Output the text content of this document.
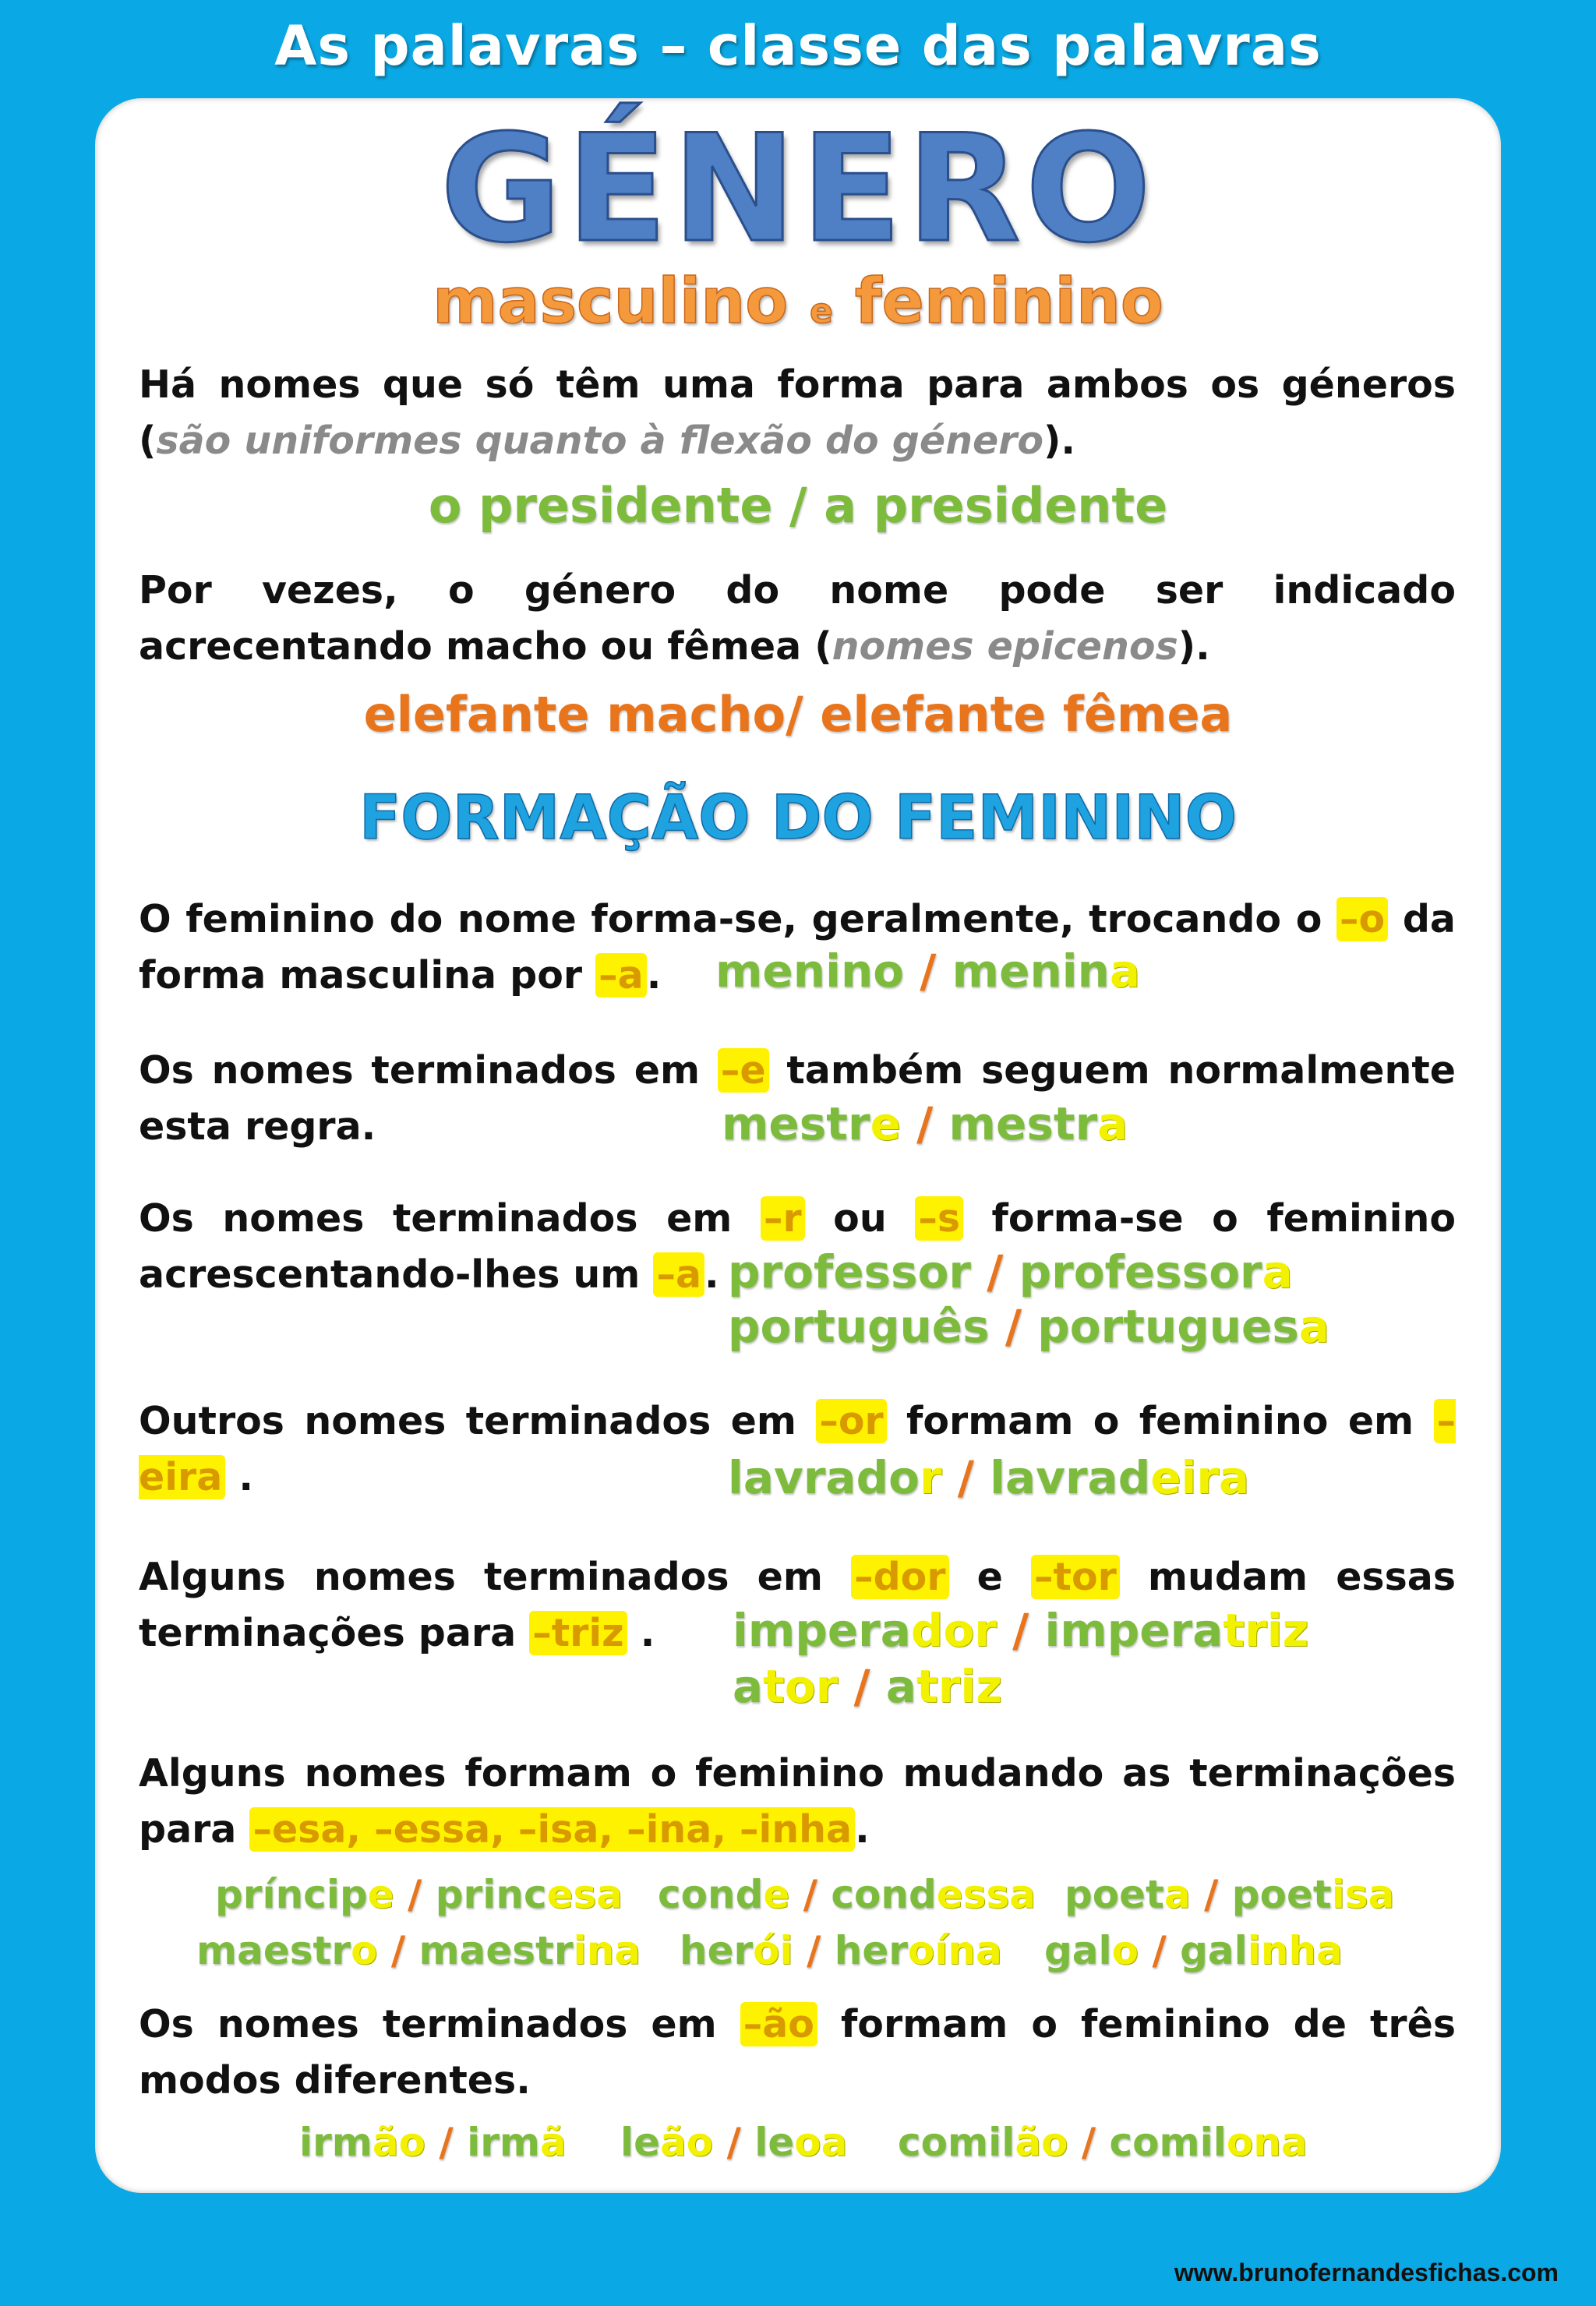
As palavras – classe das palavras
GÉNERO
masculino e feminino
Há nomes que só têm uma forma para ambos os géneros (são uniformes quanto à flexão do género).
o presidente / a presidente
Por vezes, o género do nome pode ser indicado acrecentando macho ou fêmea (nomes epicenos).
elefante macho/ elefante fêmea
FORMAÇÃO DO FEMININO
O feminino do nome forma-se, geralmente, trocando o –o da forma masculina por –a.	menino / menina
Os nomes terminados em –e também seguem normalmente esta regra.	mestre / mestra
Os nomes terminados em –r ou –s forma-se o feminino acrescentando-lhes um –a. professor / professora
português / portuguesa
Outros nomes terminados em –or formam o feminino em –eira .	lavrador / lavradeira
Alguns nomes terminados em –dor e –tor mudam essas terminações para –triz .	imperador / imperatriz
ator / atriz
Alguns nomes formam o feminino mudando as terminações para –esa, –essa, –isa, –ina, –inha.
príncipe / princesa conde / condessa poeta / poetisa
maestro / maestrina herói / heroína galo / galinha
Os nomes terminados em –ão formam o feminino de três modos diferentes.
irmão / irmã leão / leoa comilão / comilona
www.brunofernandesfichas.com
